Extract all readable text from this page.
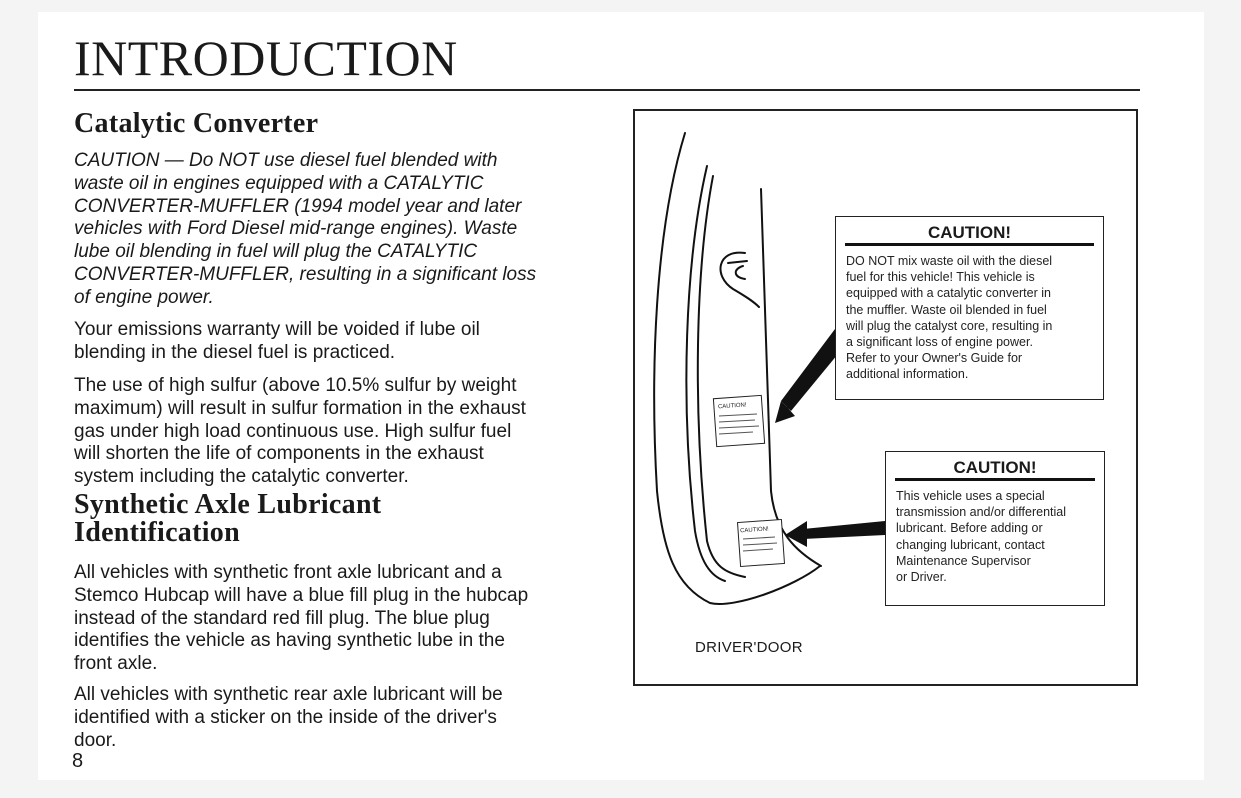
INTRODUCTION
Catalytic Converter
CAUTION — Do NOT use diesel fuel blended with
waste oil in engines equipped with a CATALYTIC
CONVERTER-MUFFLER (1994 model year and later
vehicles with Ford Diesel mid-range engines). Waste
lube oil blending in fuel will plug the CATALYTIC
CONVERTER-MUFFLER, resulting in a significant loss
of engine power.
Your emissions warranty will be voided if lube oil
blending in the diesel fuel is practiced.
The use of high sulfur (above 10.5% sulfur by weight
maximum) will result in sulfur formation in the exhaust
gas under high load continuous use. High sulfur fuel
will shorten the life of components in the exhaust
system including the catalytic converter.
Synthetic Axle Lubricant
Identification
All vehicles with synthetic front axle lubricant and a
Stemco Hubcap will have a blue fill plug in the hubcap
instead of the standard red fill plug. The blue plug
identifies the vehicle as having synthetic lube in the
front axle.
All vehicles with synthetic rear axle lubricant will be
identified with a sticker on the inside of the driver's
door.
8
CAUTION!
CAUTION!
CAUTION!
DO NOT mix waste oil with the diesel
fuel for this vehicle! This vehicle is
equipped with a catalytic converter in
the muffler. Waste oil blended in fuel
will plug the catalyst core, resulting in
a significant loss of engine power.
Refer to your Owner's Guide for
additional information.
CAUTION!
This vehicle uses a special
transmission and/or differential
lubricant. Before adding or
changing lubricant, contact
Maintenance Supervisor
or Driver.
DRIVER'DOOR
